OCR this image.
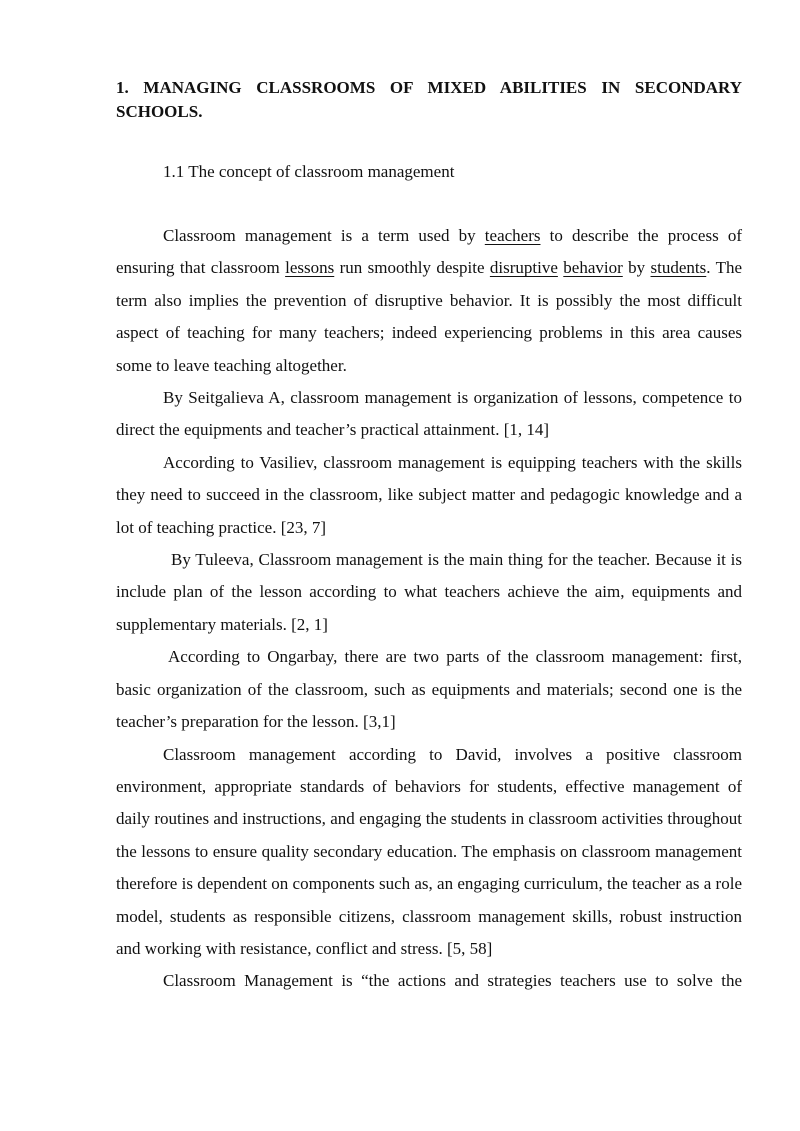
1. MANAGING CLASSROOMS OF MIXED ABILITIES IN SECONDARY SCHOOLS.

1.1 The concept of classroom management

Classroom management is a term used by teachers to describe the process of ensuring that classroom lessons run smoothly despite disruptive behavior by students. The term also implies the prevention of disruptive behavior. It is possibly the most difficult aspect of teaching for many teachers; indeed experiencing problems in this area causes some to leave teaching altogether.

By Seitgalieva A, classroom management is organization of lessons, competence to direct the equipments and teacher’s practical attainment. [1, 14]

According to Vasiliev, classroom management is equipping teachers with the skills they need to succeed in the classroom, like subject matter and pedagogic knowledge and a lot of teaching practice. [23, 7]

By Tuleeva, Classroom management is the main thing for the teacher. Because it is include plan of the lesson according to what teachers achieve the aim, equipments and supplementary materials. [2, 1]

According to Ongarbay, there are two parts of the classroom management: first, basic organization of the classroom, such as equipments and materials; second one is the teacher’s preparation for the lesson. [3,1]

Classroom management according to David, involves a positive classroom environment, appropriate standards of behaviors for students, effective management of daily routines and instructions, and engaging the students in classroom activities throughout the lessons to ensure quality secondary education. The emphasis on classroom management therefore is dependent on components such as, an engaging curriculum, the teacher as a role model, students as responsible citizens, classroom management skills, robust instruction and working with resistance, conflict and stress. [5, 58]

Classroom Management is “the actions and strategies teachers use to solve the
